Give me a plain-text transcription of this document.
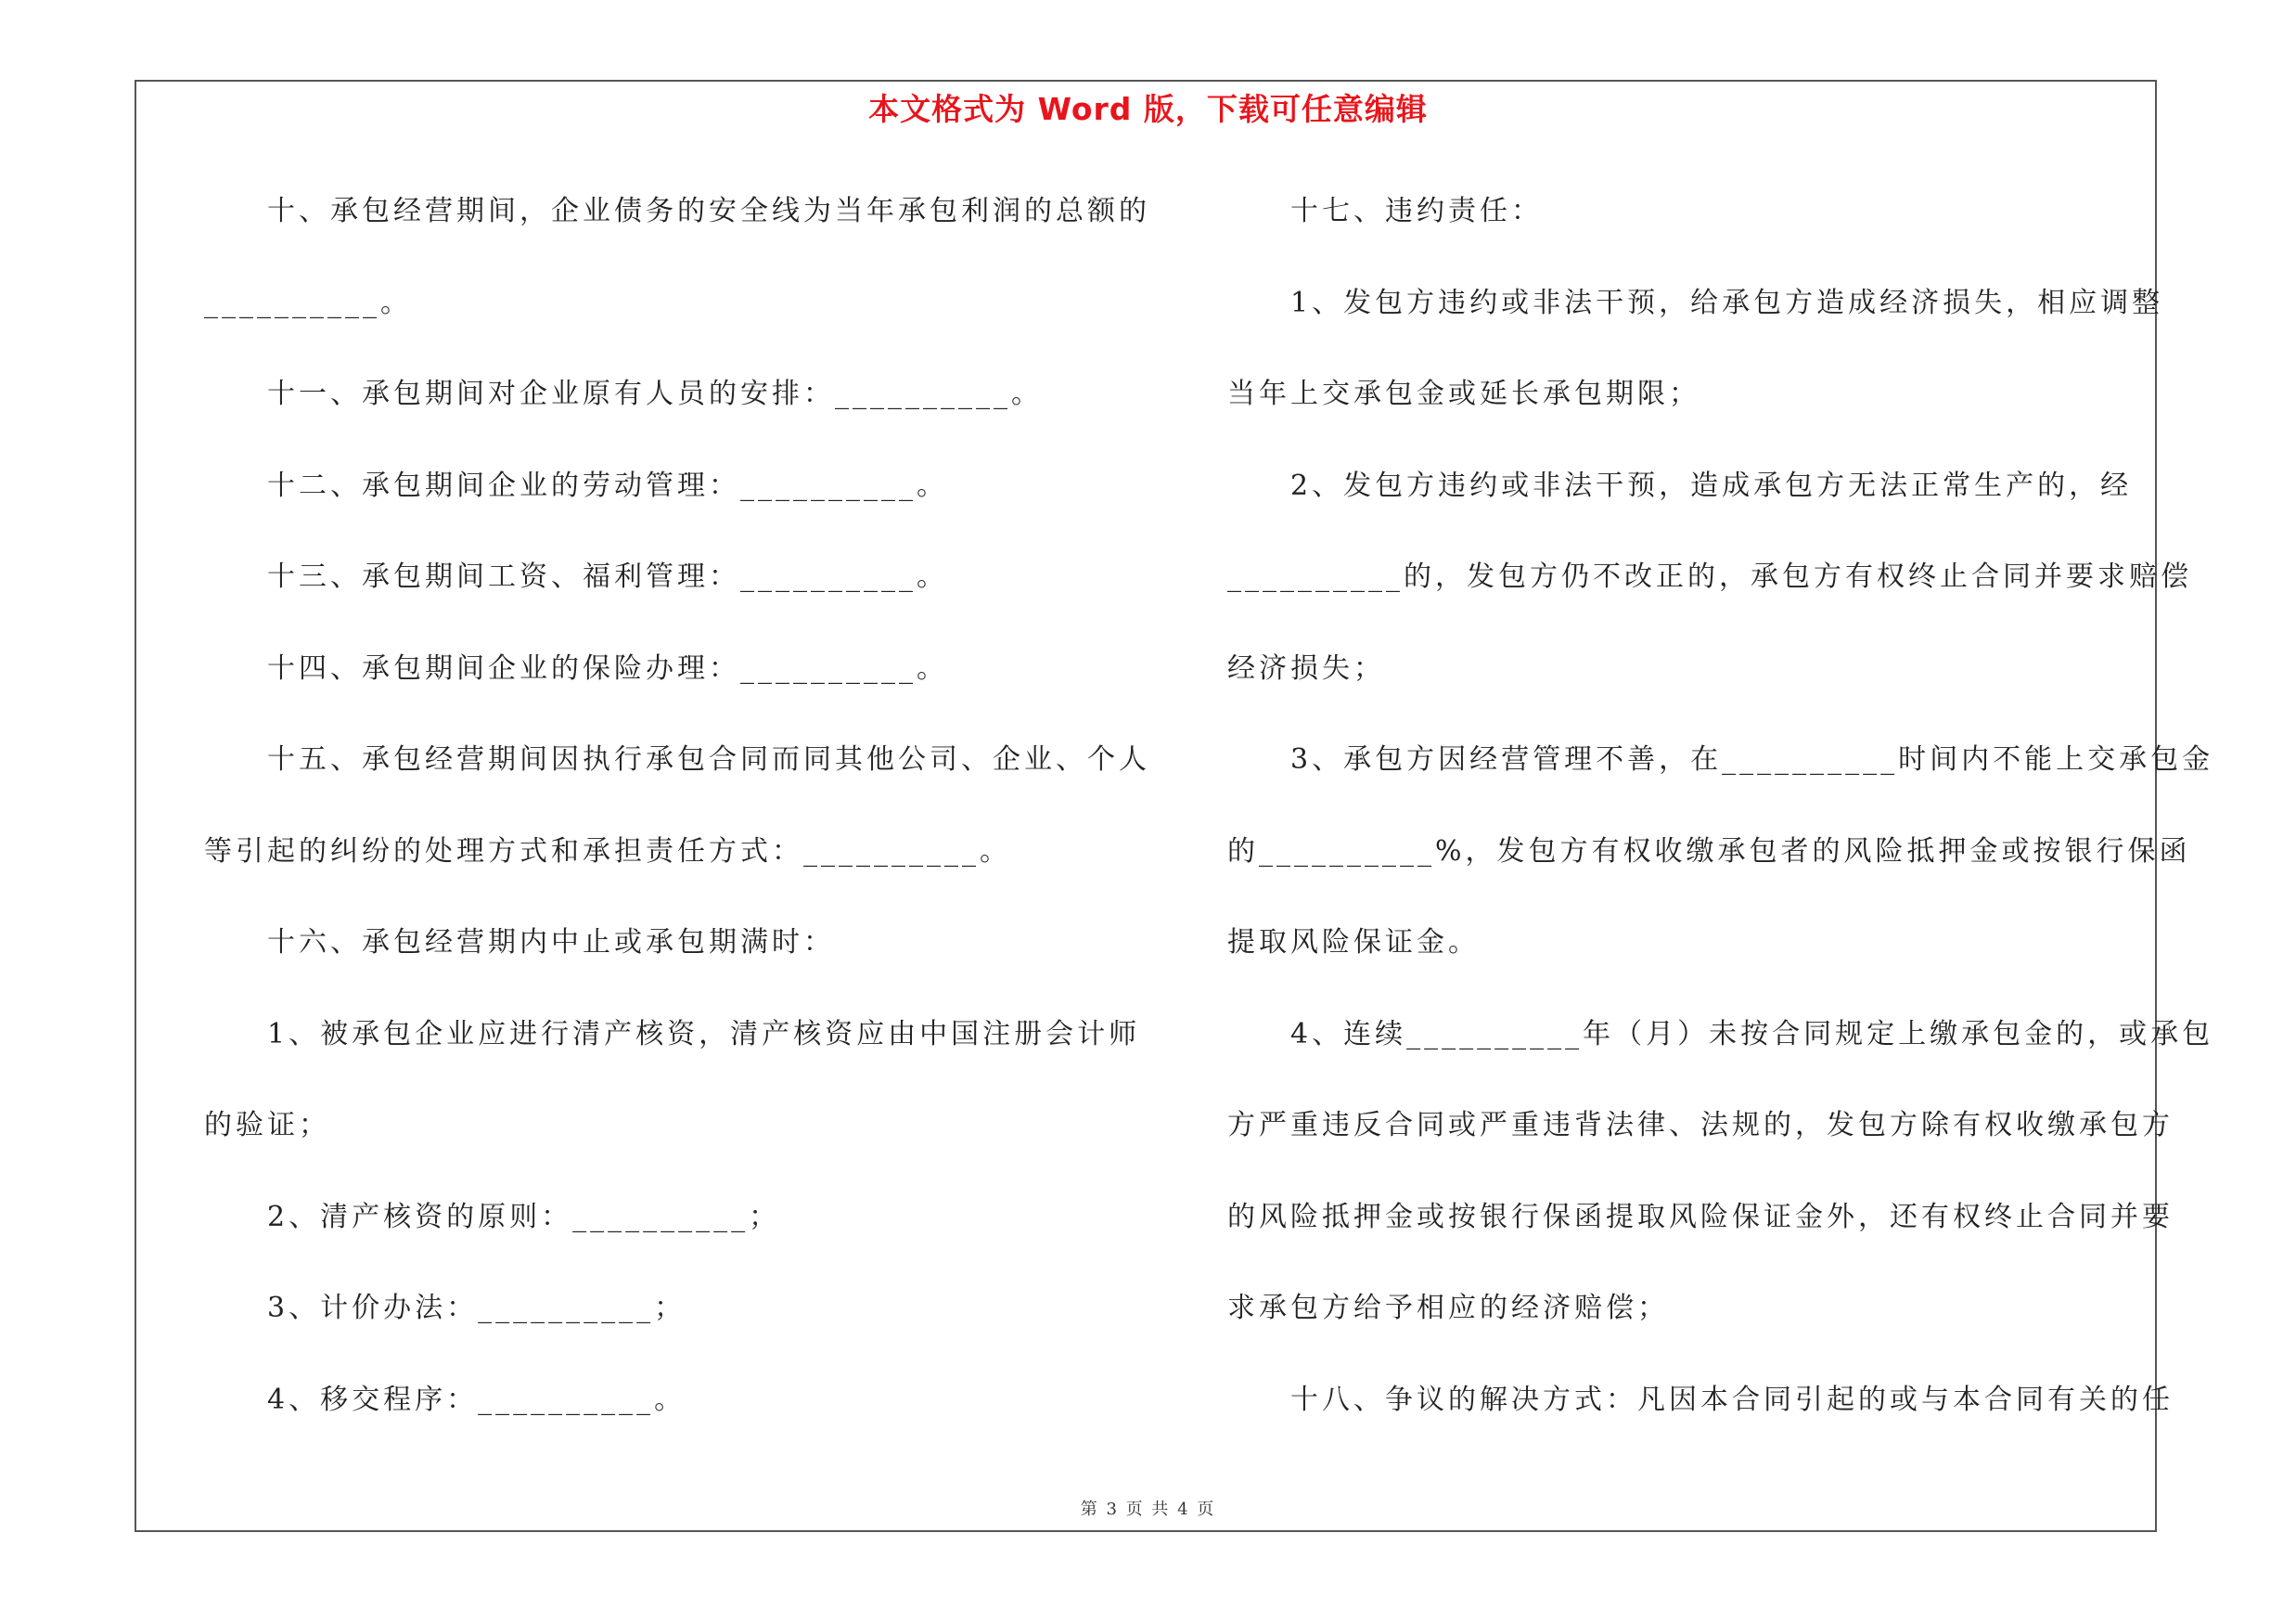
本文格式为 Word 版，下载可任意编辑
十、承包经营期间，企业债务的安全线为当年承包利润的总额的
__________。
十一、承包期间对企业原有人员的安排：__________。
十二、承包期间企业的劳动管理：__________。
十三、承包期间工资、福利管理：__________。
十四、承包期间企业的保险办理：__________。
十五、承包经营期间因执行承包合同而同其他公司、企业、个人
等引起的纠纷的处理方式和承担责任方式：__________。
十六、承包经营期内中止或承包期满时：
1、被承包企业应进行清产核资，清产核资应由中国注册会计师
的验证；
2、清产核资的原则：__________；
3、计价办法：__________；
4、移交程序：__________。
十七、违约责任：
1、发包方违约或非法干预，给承包方造成经济损失，相应调整
当年上交承包金或延长承包期限；
2、发包方违约或非法干预，造成承包方无法正常生产的，经
__________的，发包方仍不改正的，承包方有权终止合同并要求赔偿
经济损失；
3、承包方因经营管理不善，在__________时间内不能上交承包金
的__________%，发包方有权收缴承包者的风险抵押金或按银行保函
提取风险保证金。
4、连续__________年（月）未按合同规定上缴承包金的，或承包
方严重违反合同或严重违背法律、法规的，发包方除有权收缴承包方
的风险抵押金或按银行保函提取风险保证金外，还有权终止合同并要
求承包方给予相应的经济赔偿；
十八、争议的解决方式：凡因本合同引起的或与本合同有关的任
第 3 页 共 4 页
